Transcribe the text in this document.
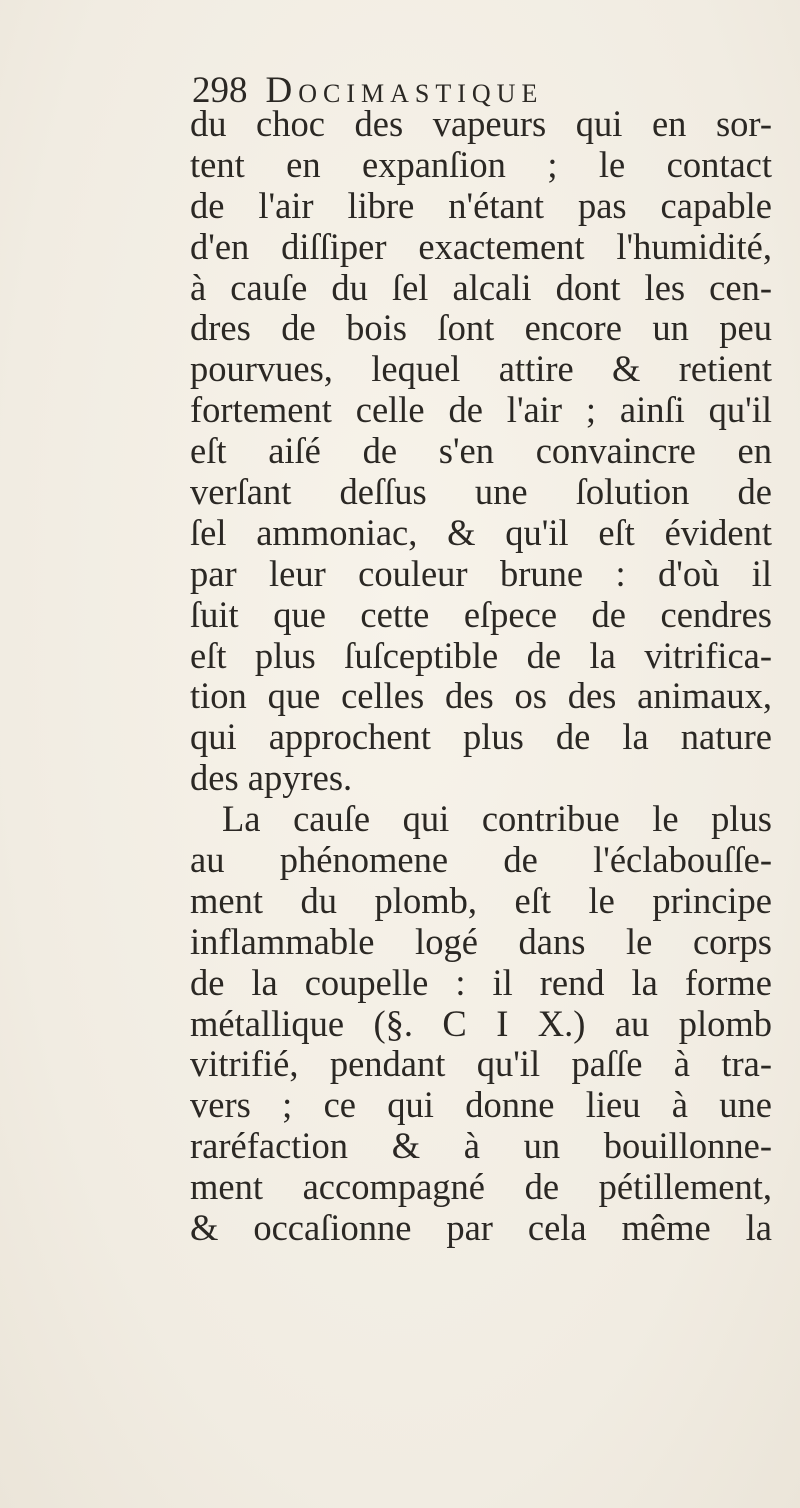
298 Docimastique
du choc des vapeurs qui en sor-
tent en expanſion ; le contact
de l'air libre n'étant pas capable
d'en diſſiper exactement l'humidité,
à cauſe du ſel alcali dont les cen-
dres de bois ſont encore un peu
pourvues, lequel attire & retient
fortement celle de l'air ; ainſi qu'il
eſt aiſé de s'en convaincre en
verſant deſſus une ſolution de
ſel ammoniac, & qu'il eſt évident
par leur couleur brune : d'où il
ſuit que cette eſpece de cendres
eſt plus ſuſceptible de la vitrifica-
tion que celles des os des animaux,
qui approchent plus de la nature
des apyres.
La cauſe qui contribue le plus
au phénomene de l'éclabouſſe-
ment du plomb, eſt le principe
inflammable logé dans le corps
de la coupelle : il rend la forme
métallique (§. C I X.) au plomb
vitrifié, pendant qu'il paſſe à tra-
vers ; ce qui donne lieu à une
raréfaction & à un bouillonne-
ment accompagné de pétillement,
& occaſionne par cela même la
